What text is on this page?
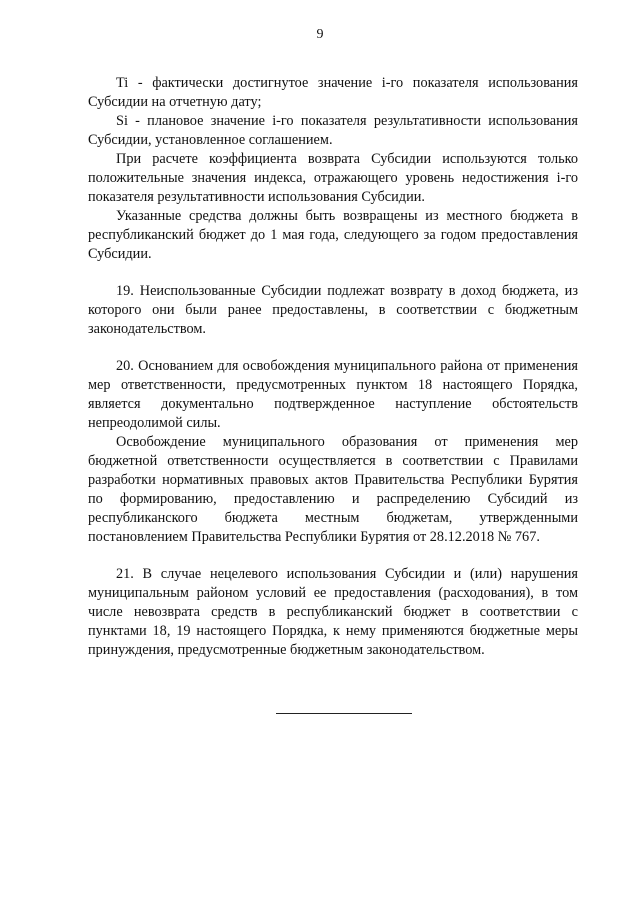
9

Ti - фактически достигнутое значение i-го показателя использования Субсидии на отчетную дату;

Si - плановое значение i-го показателя результативности использования Субсидии, установленное соглашением.

При расчете коэффициента возврата Субсидии используются только положительные значения индекса, отражающего уровень недостижения i-го показателя результативности использования Субсидии.

Указанные средства должны быть возвращены из местного бюджета в республиканский бюджет до 1 мая года, следующего за годом предоставления Субсидии.

19. Неиспользованные Субсидии подлежат возврату в доход бюджета, из которого они были ранее предоставлены, в соответствии с бюджетным законодательством.

20. Основанием для освобождения муниципального района от применения мер ответственности, предусмотренных пунктом 18 настоящего Порядка, является документально подтвержденное наступление обстоятельств непреодолимой силы.

Освобождение муниципального образования от применения мер бюджетной ответственности осуществляется в соответствии с Правилами разработки нормативных правовых актов Правительства Республики Бурятия по формированию, предоставлению и распределению Субсидий из республиканского бюджета местным бюджетам, утвержденными постановлением Правительства Республики Бурятия от 28.12.2018 № 767.

21. В случае нецелевого использования Субсидии и (или) нарушения муниципальным районом условий ее предоставления (расходования), в том числе невозврата средств в республиканский бюджет в соответствии с пунктами 18, 19 настоящего Порядка, к нему применяются бюджетные меры принуждения, предусмотренные бюджетным законодательством.
